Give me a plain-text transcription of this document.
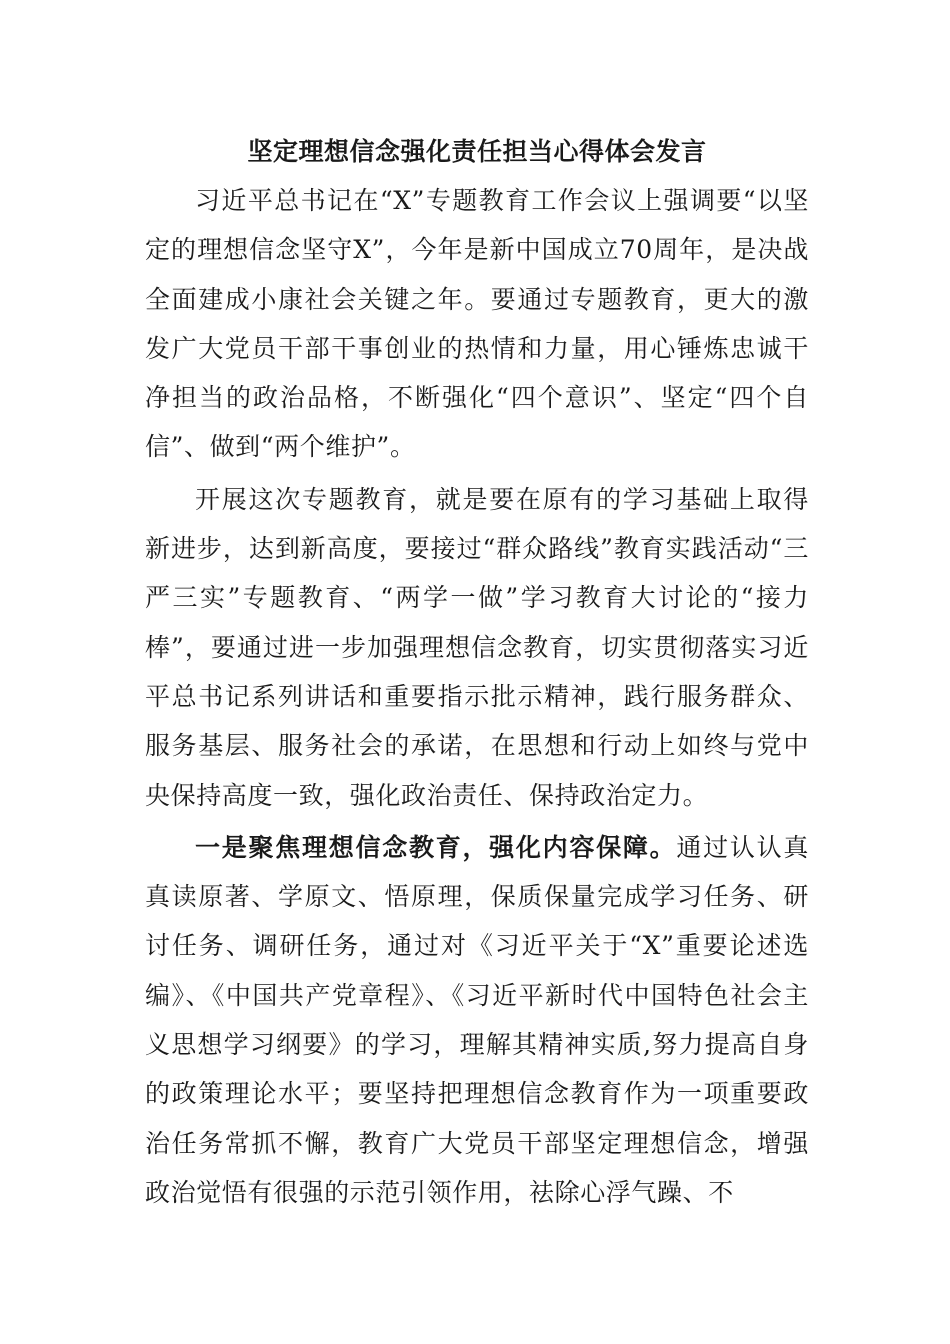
坚定理想信念强化责任担当心得体会发言

习近平总书记在“X”专题教育工作会议上强调要“以坚定的理想信念坚守X”，今年是新中国成立70周年，是决战全面建成小康社会关键之年。要通过专题教育，更大的激发广大党员干部干事创业的热情和力量，用心锤炼忠诚干净担当的政治品格，不断强化“四个意识”、坚定“四个自信”、做到“两个维护”。

开展这次专题教育，就是要在原有的学习基础上取得新进步，达到新高度，要接过“群众路线”教育实践活动“三严三实”专题教育、“两学一做”学习教育大讨论的“接力棒”，要通过进一步加强理想信念教育，切实贯彻落实习近平总书记系列讲话和重要指示批示精神，践行服务群众、服务基层、服务社会的承诺，在思想和行动上如终与党中央保持高度一致，强化政治责任、保持政治定力。

一是聚焦理想信念教育，强化内容保障。通过认认真真读原著、学原文、悟原理，保质保量完成学习任务、研讨任务、调研任务，通过对《习近平关于“X”重要论述选编》、《中国共产党章程》、《习近平新时代中国特色社会主义思想学习纲要》的学习，理解其精神实质,努力提高自身的政策理论水平；要坚持把理想信念教育作为一项重要政治任务常抓不懈，教育广大党员干部坚定理想信念，增强政治觉悟有很强的示范引领作用，祛除心浮气躁、不
